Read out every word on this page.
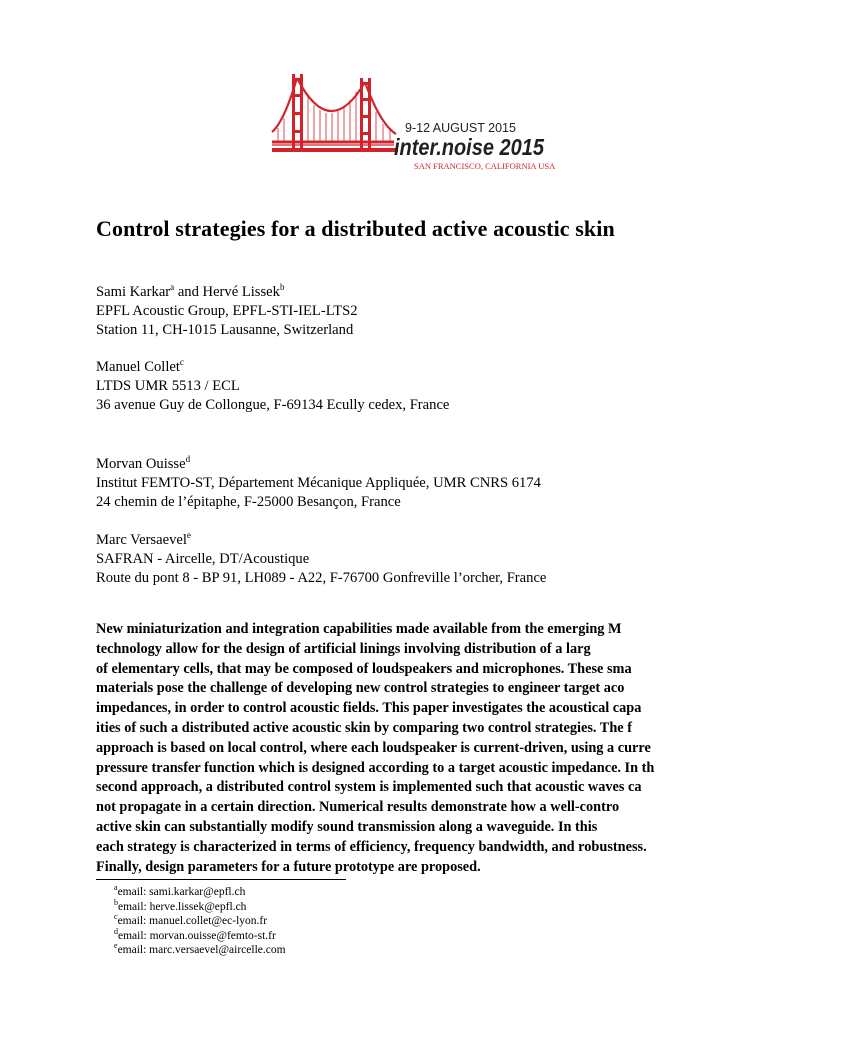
9-12 AUGUST 2015
inter.noise 2015
SAN FRANCISCO, CALIFORNIA USA
Control strategies for a distributed active acoustic skin
Sami Karkar$^a$ and Hervé Lissek$^b$
EPFL Acoustic Group, EPFL-STI-IEL-LTS2
Station 11, CH-1015 Lausanne, Switzerland
Manuel Collet$^c$
LTDS UMR 5513 / ECL
36 avenue Guy de Collongue, F-69134 Ecully cedex, France
Morvan Ouisse$^d$
Institut FEMTO-ST, Département Mécanique Appliquée, UMR CNRS 6174
24 chemin de l’épitaphe, F-25000 Besançon, France
Marc Versaevel$^e$
SAFRAN - Aircelle, DT/Acoustique
Route du pont 8 - BP 91, LH089 - A22, F-76700 Gonfreville l’orcher, France
New miniaturization and integration capabilities made available from the emerging M
technology allow for the design of artificial linings involving distribution of a larg
of elementary cells, that may be composed of loudspeakers and microphones. These sma
materials pose the challenge of developing new control strategies to engineer target aco
impedances, in order to control acoustic fields. This paper investigates the acoustical capa
ities of such a distributed active acoustic skin by comparing two control strategies. The f
approach is based on local control, where each loudspeaker is current-driven, using a curre
pressure transfer function which is designed according to a target acoustic impedance. In th
second approach, a distributed control system is implemented such that acoustic waves ca
not propagate in a certain direction. Numerical results demonstrate how a well-contro
active skin can substantially modify sound transmission along a waveguide. In this
each strategy is characterized in terms of efficiency, frequency bandwidth, and robustness.
Finally, design parameters for a future prototype are proposed.
$^a$email: sami.karkar@epfl.ch
$^b$email: herve.lissek@epfl.ch
$^c$email: manuel.collet@ec-lyon.fr
$^d$email: morvan.ouisse@femto-st.fr
$^e$email: marc.versaevel@aircelle.com
